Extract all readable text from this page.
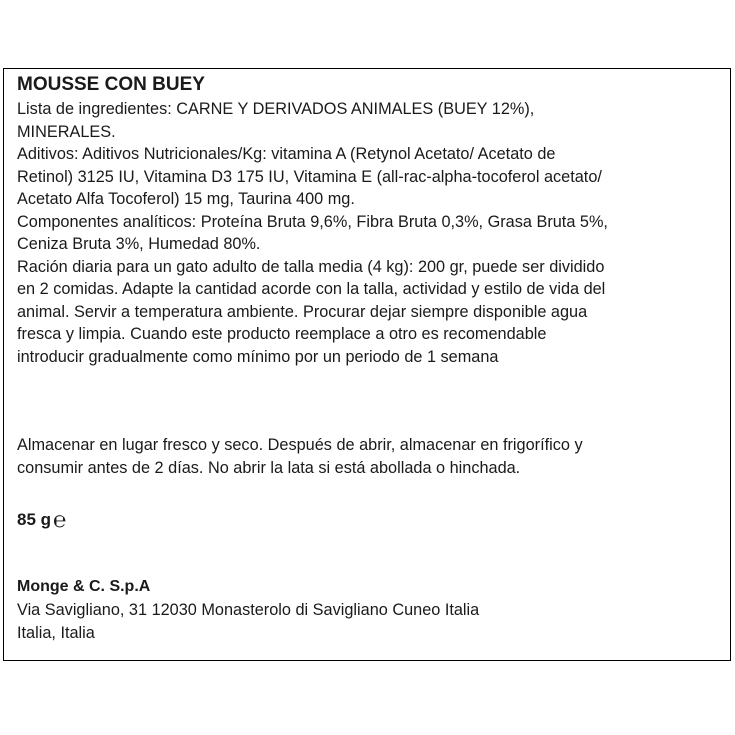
MOUSSE CON BUEY

Lista de ingredientes: CARNE Y DERIVADOS ANIMALES (BUEY 12%),
MINERALES.

Aditivos: Aditivos Nutricionales/Kg: vitamina A (Retynol Acetato/ Acetato de
Retinol) 3125 IU, Vitamina D3 175 IU, Vitamina E (all-rac-alpha-tocoferol acetato/
Acetato Alfa Tocoferol) 15 mg, Taurina 400 mg.

Componentes analíticos: Proteína Bruta 9,6%, Fibra Bruta 0,3%, Grasa Bruta 5%,
Ceniza Bruta 3%, Humedad 80%.

Ración diaria para un gato adulto de talla media (4 kg): 200 gr, puede ser dividido
en 2 comidas. Adapte la cantidad acorde con la talla, actividad y estilo de vida del
animal. Servir a temperatura ambiente. Procurar dejar siempre disponible agua
fresca y limpia. Cuando este producto reemplace a otro es recomendable
introducir gradualmente como mínimo por un periodo de 1 semana

Almacenar en lugar fresco y seco. Después de abrir, almacenar en frigorífico y
consumir antes de 2 días. No abrir la lata si está abollada o hinchada.

85 g ℮

Monge & C. S.p.A

Via Savigliano, 31 12030 Monasterolo di Savigliano Cuneo Italia

Italia, Italia
